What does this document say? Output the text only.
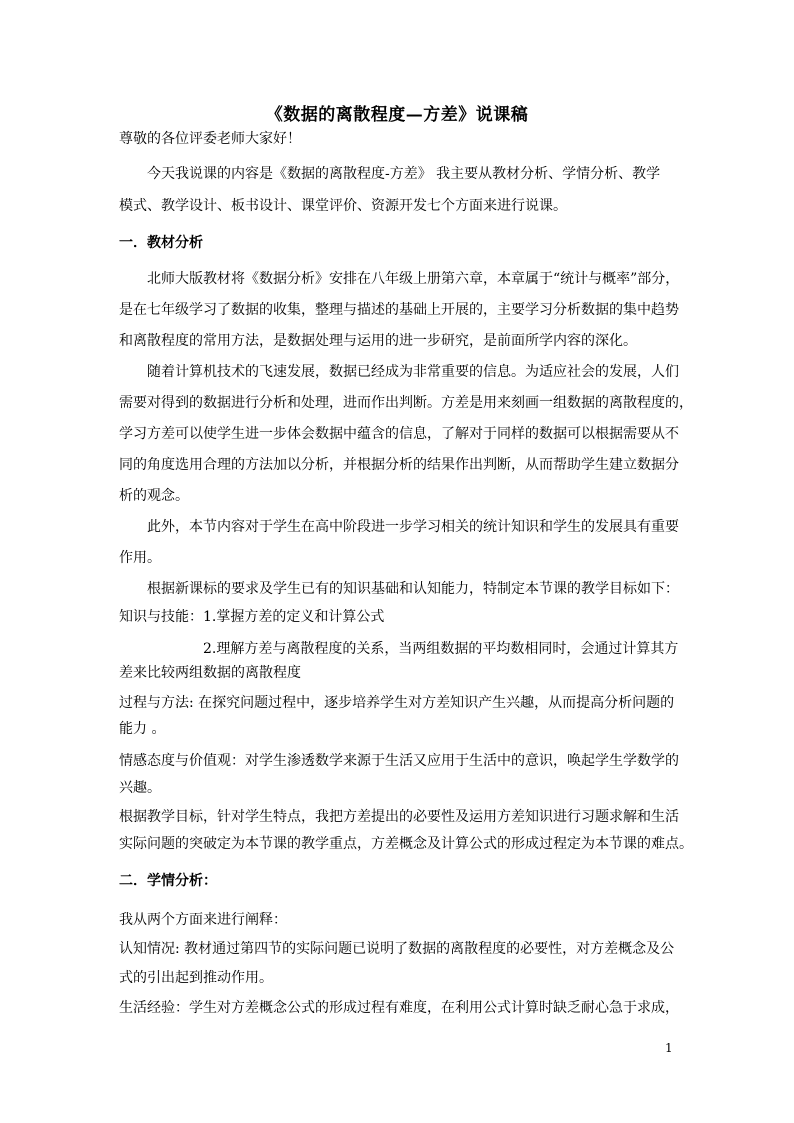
《数据的离散程度—方差》说课稿
尊敬的各位评委老师大家好！
今天我说课的内容是《数据的离散程度-方差》 我主要从教材分析、学情分析、教学
模式、教学设计、板书设计、课堂评价、资源开发七个方面来进行说课。
一．教材分析
北师大版教材将《数据分析》安排在八年级上册第六章，本章属于“统计与概率”部分，
是在七年级学习了数据的收集，整理与描述的基础上开展的，主要学习分析数据的集中趋势
和离散程度的常用方法，是数据处理与运用的进一步研究，是前面所学内容的深化。
随着计算机技术的飞速发展，数据已经成为非常重要的信息。为适应社会的发展，人们
需要对得到的数据进行分析和处理，进而作出判断。方差是用来刻画一组数据的离散程度的，
学习方差可以使学生进一步体会数据中蕴含的信息，了解对于同样的数据可以根据需要从不
同的角度选用合理的方法加以分析，并根据分析的结果作出判断，从而帮助学生建立数据分
析的观念。
此外，本节内容对于学生在高中阶段进一步学习相关的统计知识和学生的发展具有重要
作用。
根据新课标的要求及学生已有的知识基础和认知能力，特制定本节课的教学目标如下：
知识与技能：1.掌握方差的定义和计算公式
2.理解方差与离散程度的关系，当两组数据的平均数相同时，会通过计算其方
差来比较两组数据的离散程度
过程与方法: 在探究问题过程中，逐步培养学生对方差知识产生兴趣，从而提高分析问题的
能力 。
情感态度与价值观：对学生渗透数学来源于生活又应用于生活中的意识，唤起学生学数学的
兴趣。
根据教学目标，针对学生特点，我把方差提出的必要性及运用方差知识进行习题求解和生活
实际问题的突破定为本节课的教学重点，方差概念及计算公式的形成过程定为本节课的难点。
二．学情分析：
我从两个方面来进行阐释：
认知情况: 教材通过第四节的实际问题已说明了数据的离散程度的必要性，对方差概念及公
式的引出起到推动作用。
生活经验：学生对方差概念公式的形成过程有难度，在利用公式计算时缺乏耐心急于求成，
1
